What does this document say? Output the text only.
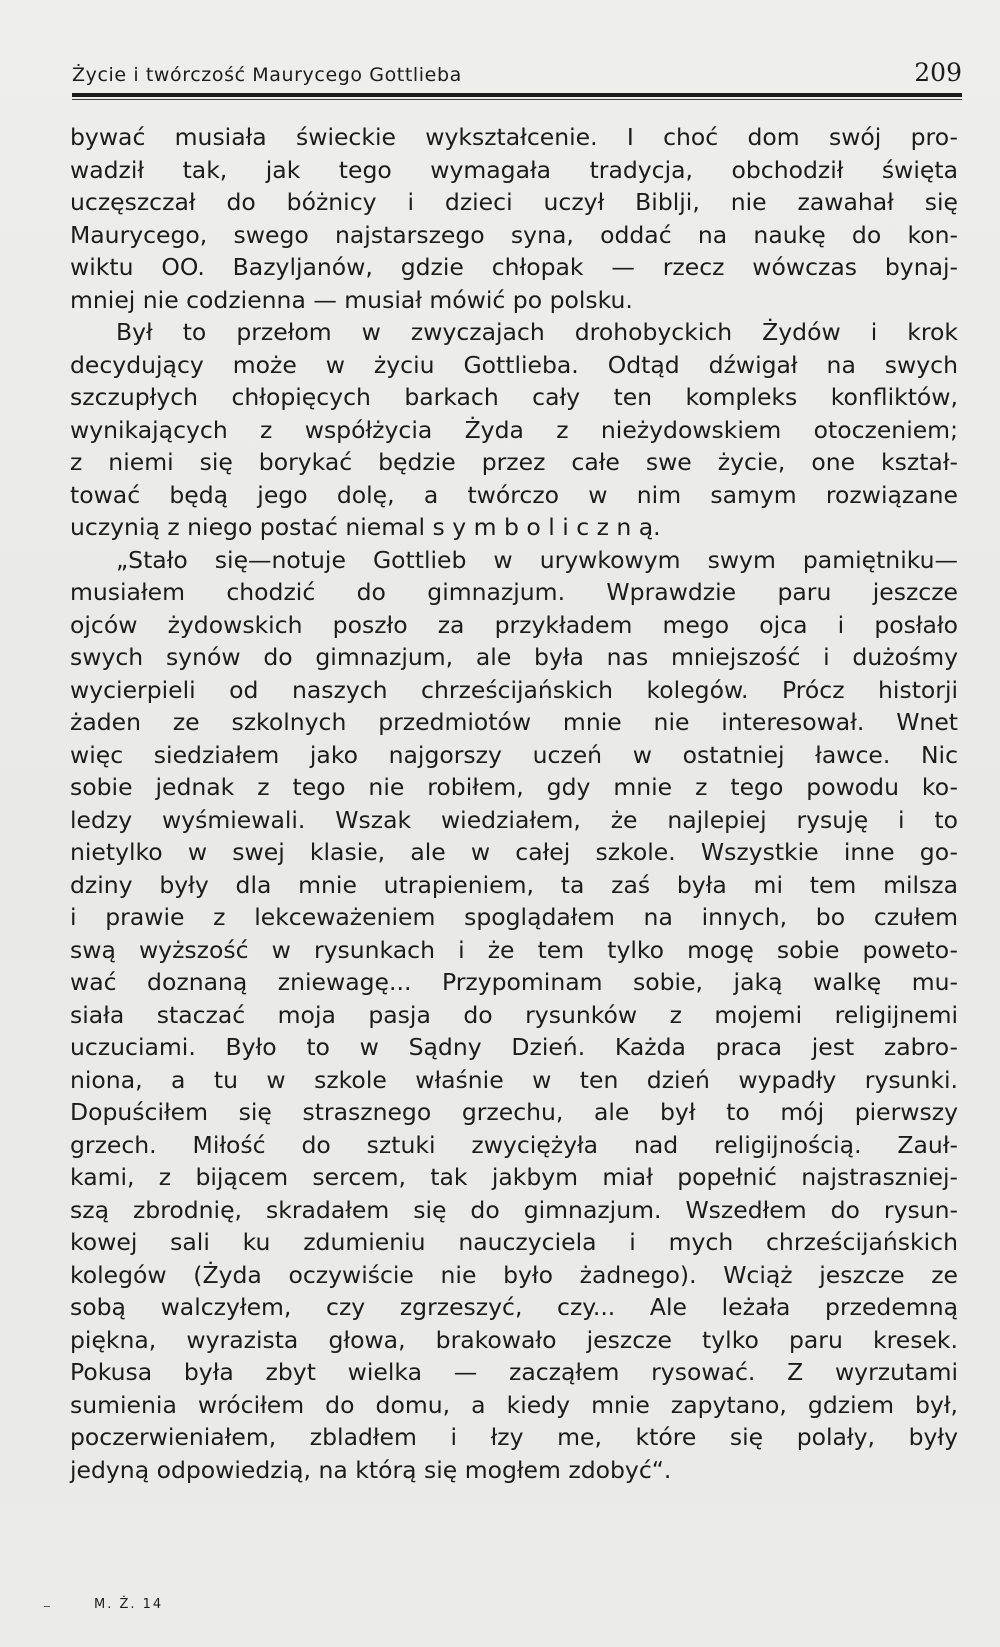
Życie i twórczość Maurycego Gottlieba	209
bywać musiała świeckie wykształcenie. I choć dom swój pro-
wadził tak, jak tego wymagała tradycja, obchodził święta
uczęszczał do bóżnicy i dzieci uczył Biblji, nie zawahał się
Maurycego, swego najstarszego syna, oddać na naukę do kon-
wiktu OO. Bazyljanów, gdzie chłopak — rzecz wówczas bynaj-
mniej nie codzienna — musiał mówić po polsku.
Był to przełom w zwyczajach drohobyckich Żydów i krok
decydujący może w życiu Gottlieba. Odtąd dźwigał na swych
szczupłych chłopięcych barkach cały ten kompleks konfliktów,
wynikających z współżycia Żyda z nieżydowskiem otoczeniem;
z niemi się borykać będzie przez całe swe życie, one kształ-
tować będą jego dolę, a twórczo w nim samym rozwiązane
uczynią z niego postać niemal s y m b o l i c z n ą.
„Stało się—notuje Gottlieb w urywkowym swym pamiętniku—
musiałem chodzić do gimnazjum. Wprawdzie paru jeszcze
ojców żydowskich poszło za przykładem mego ojca i posłało
swych synów do gimnazjum, ale była nas mniejszość i dużośmy
wycierpieli od naszych chrześcijańskich kolegów. Prócz historji
żaden ze szkolnych przedmiotów mnie nie interesował. Wnet
więc siedziałem jako najgorszy uczeń w ostatniej ławce. Nic
sobie jednak z tego nie robiłem, gdy mnie z tego powodu ko-
ledzy wyśmiewali. Wszak wiedziałem, że najlepiej rysuję i to
nietylko w swej klasie, ale w całej szkole. Wszystkie inne go-
dziny były dla mnie utrapieniem, ta zaś była mi tem milsza
i prawie z lekceważeniem spoglądałem na innych, bo czułem
swą wyższość w rysunkach i że tem tylko mogę sobie poweto-
wać doznaną zniewagę... Przypominam sobie, jaką walkę mu-
siała staczać moja pasja do rysunków z mojemi religijnemi
uczuciami. Było to w Sądny Dzień. Każda praca jest zabro-
niona, a tu w szkole właśnie w ten dzień wypadły rysunki.
Dopuściłem się strasznego grzechu, ale był to mój pierwszy
grzech. Miłość do sztuki zwyciężyła nad religijnością. Zauł-
kami, z bijącem sercem, tak jakbym miał popełnić najstraszniej-
szą zbrodnię, skradałem się do gimnazjum. Wszedłem do rysun-
kowej sali ku zdumieniu nauczyciela i mych chrześcijańskich
kolegów (Żyda oczywiście nie było żadnego). Wciąż jeszcze ze
sobą walczyłem, czy zgrzeszyć, czy... Ale leżała przedemną
piękna, wyrazista głowa, brakowało jeszcze tylko paru kresek.
Pokusa była zbyt wielka — zacząłem rysować. Z wyrzutami
sumienia wróciłem do domu, a kiedy mnie zapytano, gdziem był,
poczerwieniałem, zbladłem i łzy me, które się polały, były
jedyną odpowiedzią, na którą się mogłem zdobyć“.
M. Ż. 14
